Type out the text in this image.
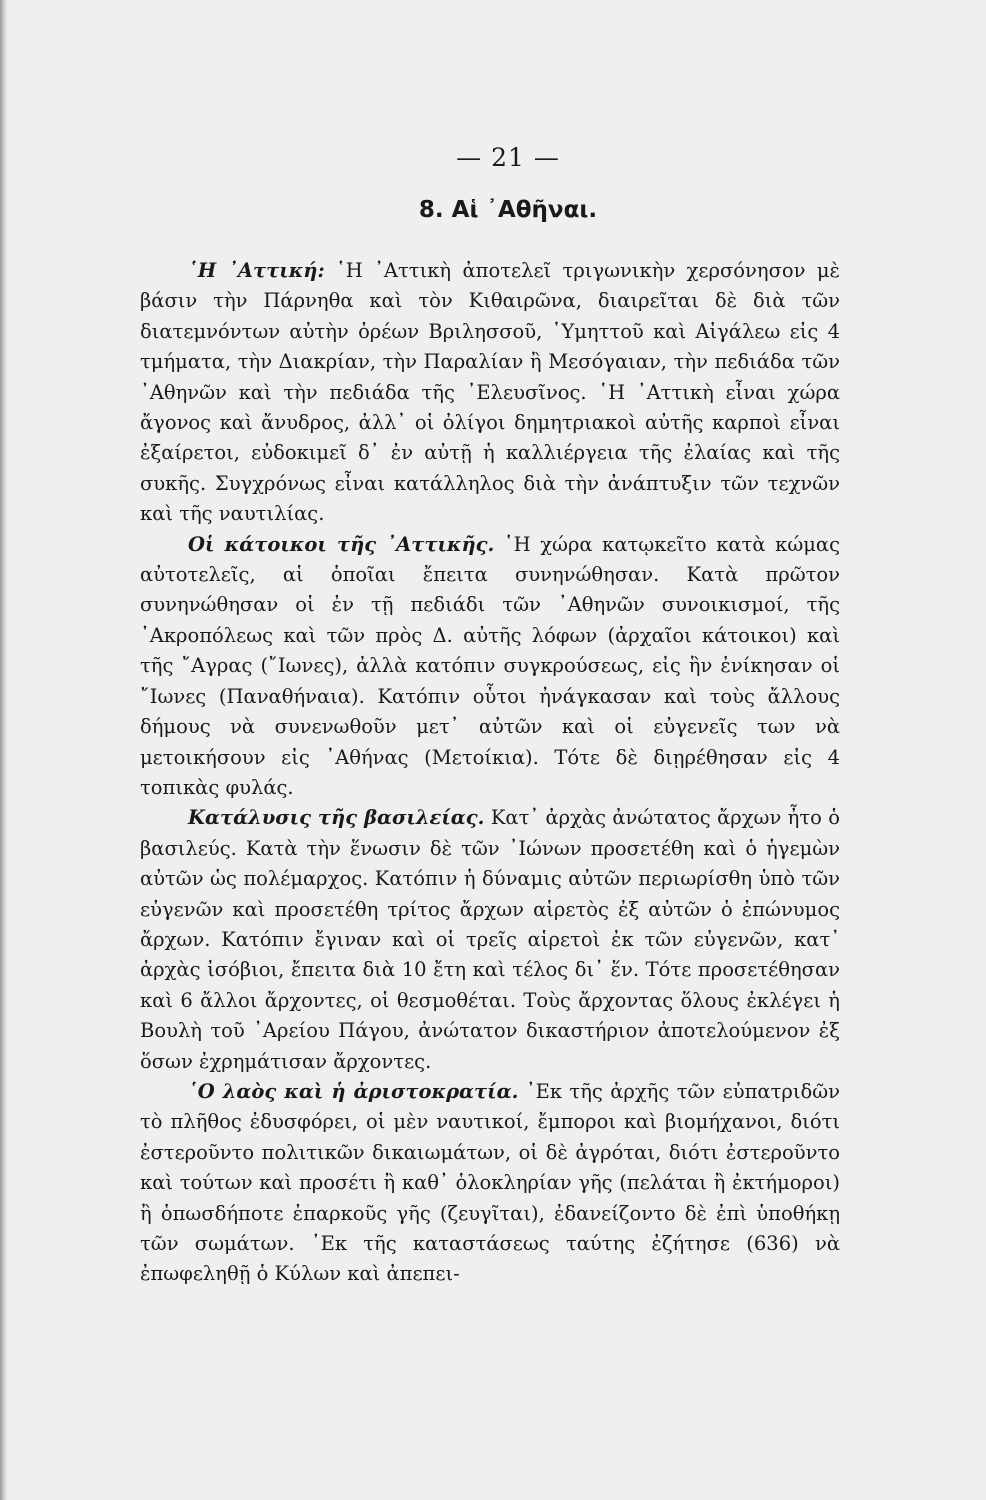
— 21 —
8. Αἱ ᾿Αθῆναι.

῾Η ᾿Αττική: ῾Η ᾿Αττικὴ ἀποτελεῖ τριγωνικὴν χερσόνησον μὲ βάσιν τὴν Πάρνηθα καὶ τὸν Κιθαιρῶνα, διαιρεῖται δὲ διὰ τῶν διατεμνόντων αὐτὴν ὀρέων Βριλησσοῦ, ῾Υμηττοῦ καὶ Αἰγάλεω εἰς 4 τμήματα, τὴν Διακρίαν, τὴν Παραλίαν ἢ Μεσόγαιαν, τὴν πεδιάδα τῶν ᾿Αθηνῶν καὶ τὴν πεδιάδα τῆς ᾿Ελευσῖνος. ῾Η ᾿Αττικὴ εἶναι χώρα ἄγονος καὶ ἄνυδρος, ἀλλ᾿ οἱ ὀλίγοι δημητριακοὶ αὐτῆς καρποὶ εἶναι ἐξαίρετοι, εὐδοκιμεῖ δ᾿ ἐν αὐτῇ ἡ καλλιέργεια τῆς ἐλαίας καὶ τῆς συκῆς. Συγχρόνως εἶναι κατάλληλος διὰ τὴν ἀνάπτυξιν τῶν τεχνῶν καὶ τῆς ναυτιλίας.

Οἱ κάτοικοι τῆς ᾿Αττικῆς. ῾Η χώρα κατῳκεῖτο κατὰ κώμας αὐτοτελεῖς, αἱ ὁποῖαι ἔπειτα συνηνώθησαν. Κατὰ πρῶτον συνηνώθησαν οἱ ἐν τῇ πεδιάδι τῶν ᾿Αθηνῶν συνοικισμοί, τῆς ᾿Ακροπόλεως καὶ τῶν πρὸς Δ. αὐτῆς λόφων (ἀρχαῖοι κάτοικοι) καὶ τῆς ῎Αγρας (῎Ιωνες), ἀλλὰ κατόπιν συγκρούσεως, εἰς ἣν ἐνίκησαν οἱ ῎Ιωνες (Παναθήναια). Κατόπιν οὗτοι ἠνάγκασαν καὶ τοὺς ἄλλους δήμους νὰ συνενωθοῦν μετ᾿ αὐτῶν καὶ οἱ εὐγενεῖς των νὰ μετοικήσουν εἰς ᾿Αθήνας (Μετοίκια). Τότε δὲ διῃρέθησαν εἰς 4 τοπικὰς φυλάς.

Κατάλυσις τῆς βασιλείας. Κατ᾿ ἀρχὰς ἀνώτατος ἄρχων ἦτο ὁ βασιλεύς. Κατὰ τὴν ἕνωσιν δὲ τῶν ᾿Ιώνων προσετέθη καὶ ὁ ἡγεμὼν αὐτῶν ὡς πολέμαρχος. Κατόπιν ἡ δύναμις αὐτῶν περιωρίσθη ὑπὸ τῶν εὐγενῶν καὶ προσετέθη τρίτος ἄρχων αἱρετὸς ἐξ αὐτῶν ὁ ἐπώνυμος ἄρχων. Κατόπιν ἔγιναν καὶ οἱ τρεῖς αἱρετοὶ ἐκ τῶν εὐγενῶν, κατ᾿ ἀρχὰς ἰσόβιοι, ἔπειτα διὰ 10 ἔτη καὶ τέλος δι᾿ ἕν. Τότε προσετέθησαν καὶ 6 ἄλλοι ἄρχοντες, οἱ θεσμοθέται. Τοὺς ἄρχοντας ὅλους ἐκλέγει ἡ Βουλὴ τοῦ ᾿Αρείου Πάγου, ἀνώτατον δικαστήριον ἀποτελούμενον ἐξ ὅσων ἐχρημάτισαν ἄρχοντες.

῾Ο λαὸς καὶ ἡ ἀριστοκρατία. ᾿Εκ τῆς ἀρχῆς τῶν εὐπατριδῶν τὸ πλῆθος ἐδυσφόρει, οἱ μὲν ναυτικοί, ἔμποροι καὶ βιομήχανοι, διότι ἐστεροῦντο πολιτικῶν δικαιωμάτων, οἱ δὲ ἀγρόται, διότι ἐστεροῦντο καὶ τούτων καὶ προσέτι ἢ καθ᾿ ὁλοκληρίαν γῆς (πελάται ἢ ἐκτήμοροι) ἢ ὁπωσδήποτε ἐπαρκοῦς γῆς (ζευγῖται), ἐδανείζοντο δὲ ἐπὶ ὑποθήκῃ τῶν σωμάτων. ᾿Εκ τῆς καταστάσεως ταύτης ἐζήτησε (636) νὰ ἐπωφεληθῇ ὁ Κύλων καὶ ἀπεπει-
